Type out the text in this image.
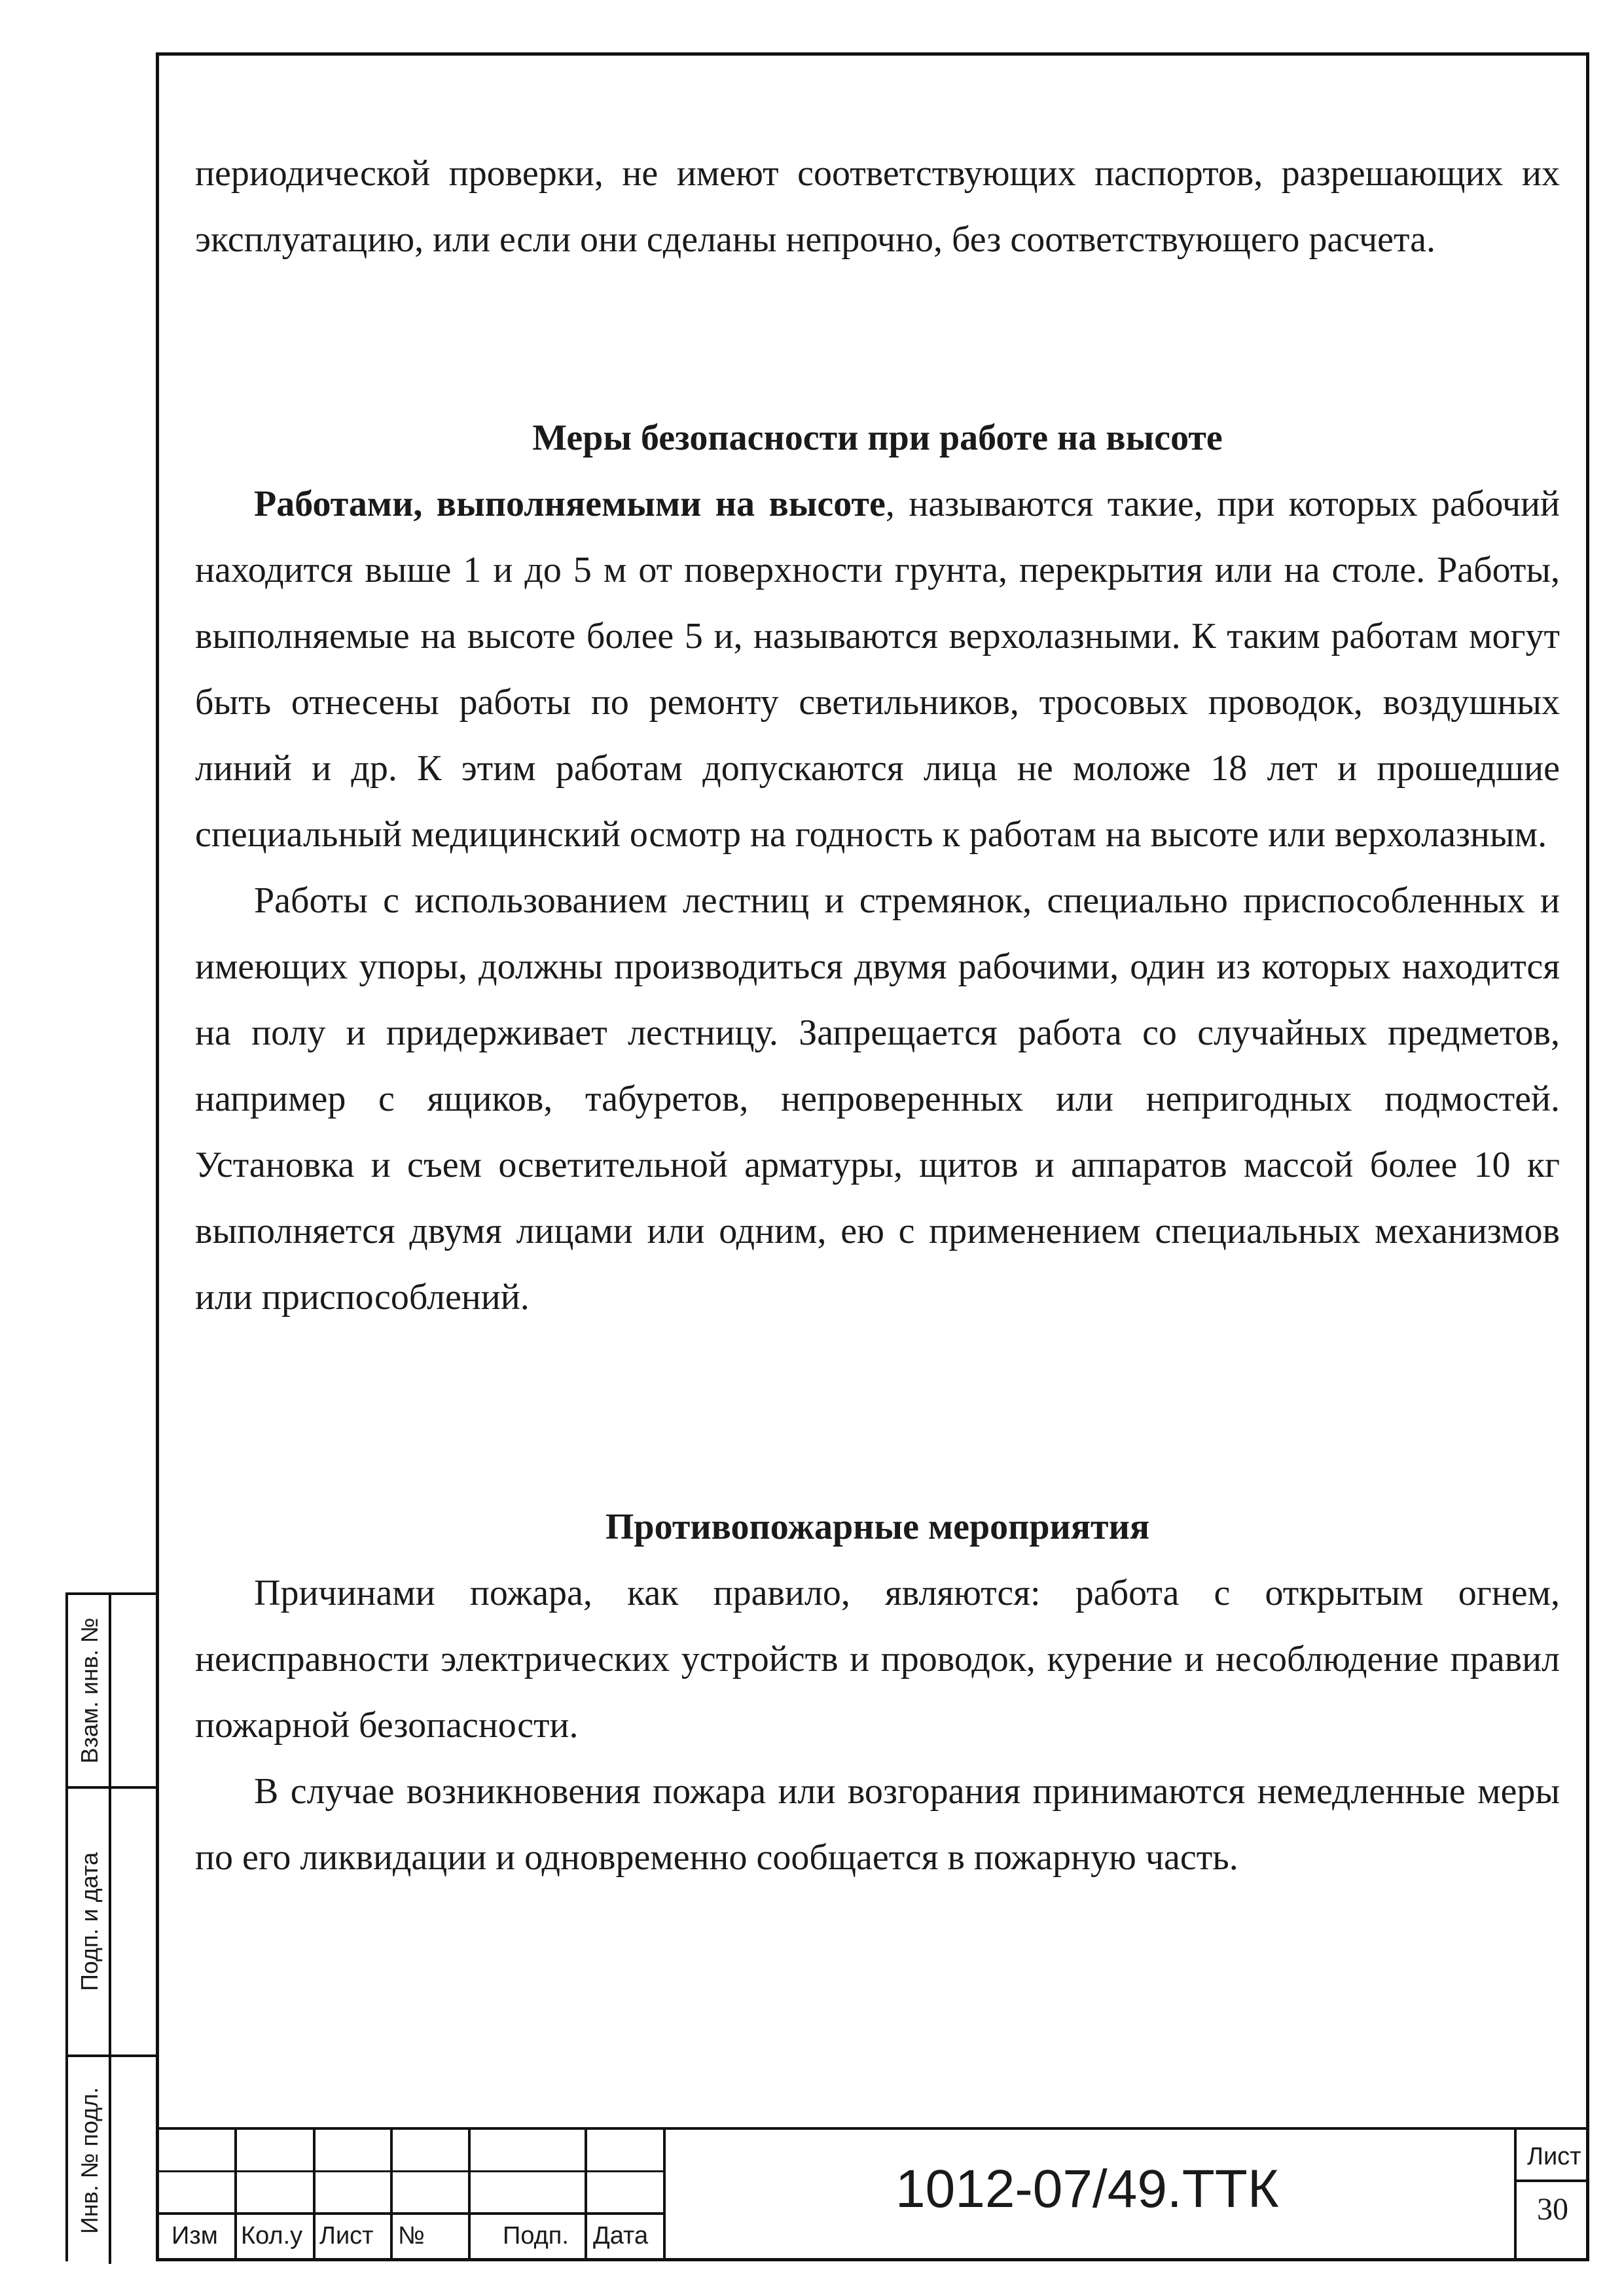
периодической проверки, не имеют соответствующих паспортов, разрешающих их эксплуатацию, или если они сделаны непрочно, без соответствующего расчета.

Меры безопасности при работе на высоте

Работами, выполняемыми на высоте, называются такие, при которых рабочий находится выше 1 и до 5 м от поверхности грунта, перекрытия или на столе. Работы, выполняемые на высоте более 5 и, называются верхолазными. К таким работам могут быть отнесены работы по ремонту светильников, тросовых проводок, воздушных линий и др. К этим работам допускаются лица не моложе 18 лет и прошедшие специальный медицинский осмотр на годность к работам на высоте или верхолазным.

Работы с использованием лестниц и стремянок, специально приспособленных и имеющих упоры, должны производиться двумя рабочими, один из которых находится на полу и придерживает лестницу. Запрещается работа со случайных предметов, например с ящиков, табуретов, непроверенных или непригодных подмостей. Установка и съем осветительной арматуры, щитов и аппаратов массой более 10 кг выполняется двумя лицами или одним, ею с применением специальных механизмов или приспособлений.

Противопожарные мероприятия

Причинами пожара, как правило, являются: работа с открытым огнем, неисправности электрических устройств и проводок, курение и несоблюдение правил пожарной безопасности.

В случае возникновения пожара или возгорания принимаются немедленные меры по его ликвидации и одновременно сообщается в пожарную часть.

Взам. инв. №
Подп. и дата
Инв. № подл.
Изм Кол.у Лист №	Подп. Дата
1012-07/49.ТТК
Лист
30
